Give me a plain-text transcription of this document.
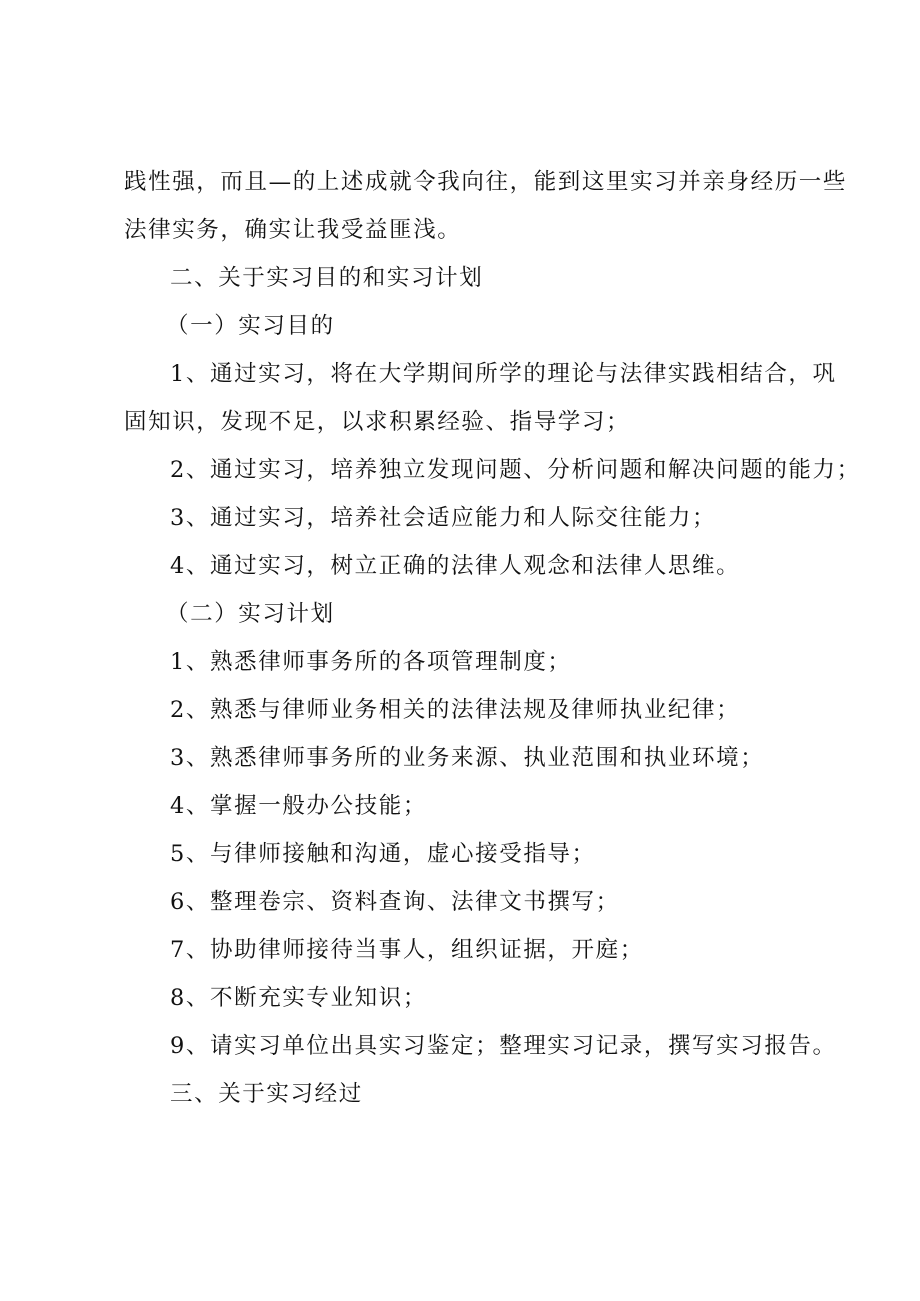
践性强，而且—的上述成就令我向往，能到这里实习并亲身经历一些
法律实务，确实让我受益匪浅。
二、关于实习目的和实习计划
（一）实习目的
1、通过实习，将在大学期间所学的理论与法律实践相结合，巩
固知识，发现不足，以求积累经验、指导学习；
2、通过实习，培养独立发现问题、分析问题和解决问题的能力；
3、通过实习，培养社会适应能力和人际交往能力；
4、通过实习，树立正确的法律人观念和法律人思维。
（二）实习计划
1、熟悉律师事务所的各项管理制度；
2、熟悉与律师业务相关的法律法规及律师执业纪律；
3、熟悉律师事务所的业务来源、执业范围和执业环境；
4、掌握一般办公技能；
5、与律师接触和沟通，虚心接受指导；
6、整理卷宗、资料查询、法律文书撰写；
7、协助律师接待当事人，组织证据，开庭；
8、不断充实专业知识；
9、请实习单位出具实习鉴定；整理实习记录，撰写实习报告。
三、关于实习经过
